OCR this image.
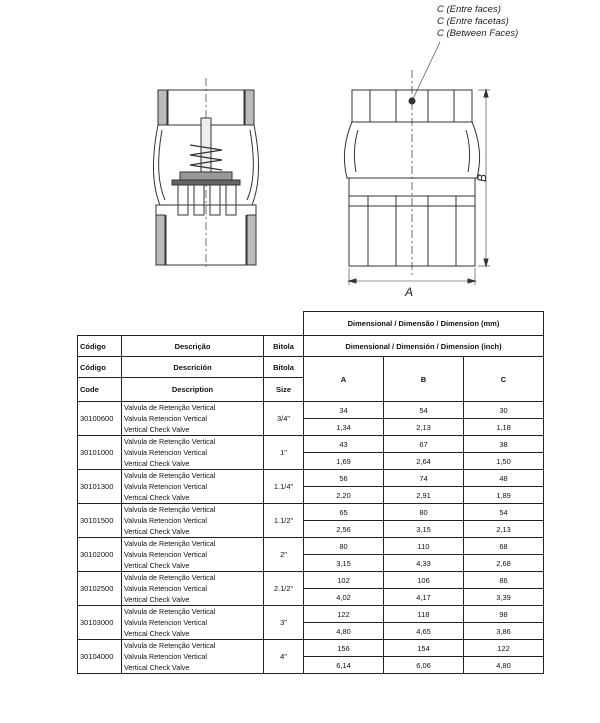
C (Entre faces)
C (Entre facetas)
C (Between Faces)
A
B
			Dimensional / Dimensão / Dimension (mm)		
Código	Descrição	Bitola	Dimensional / Dimensión / Dimension (inch)		
Código	Descrición	Bitola	A	B	C
Code	Description	Size			
30100600	Valvula de Retenção Vertical
Valvula Retencion Vertical
Vertical Check Valve	3/4"	34	54	30
			1,34	2,13	1,18
30101000	Valvula de Retenção Vertical
Valvula Retencion Vertical
Vertical Check Valve	1"	43	67	38
			1,69	2,64	1,50
30101300	Valvula de Retenção Vertical
Valvula Retencion Vertical
Vertical Check Valve	1.1/4"	56	74	48
			2,20	2,91	1,89
30101500	Valvula de Retenção Vertical
Valvula Retencion Vertical
Vertical Check Valve	1.1/2"	65	80	54
			2,56	3,15	2,13
30102000	Valvula de Retenção Vertical
Valvula Retencion Vertical
Vertical Check Valve	2"	80	110	68
			3,15	4,33	2,68
30102500	Valvula de Retenção Vertical
Valvula Retencion Vertical
Vertical Check Valve	2.1/2"	102	106	86
			4,02	4,17	3,39
30103000	Valvula de Retenção Vertical
Valvula Retencion Vertical
Vertical Check Valve	3"	122	118	98
			4,80	4,65	3,86
30104000	Valvula de Retenção Vertical
Valvula Retencion Vertical
Vertical Check Valve	4"	156	154	122
			6,14	6,06	4,80
